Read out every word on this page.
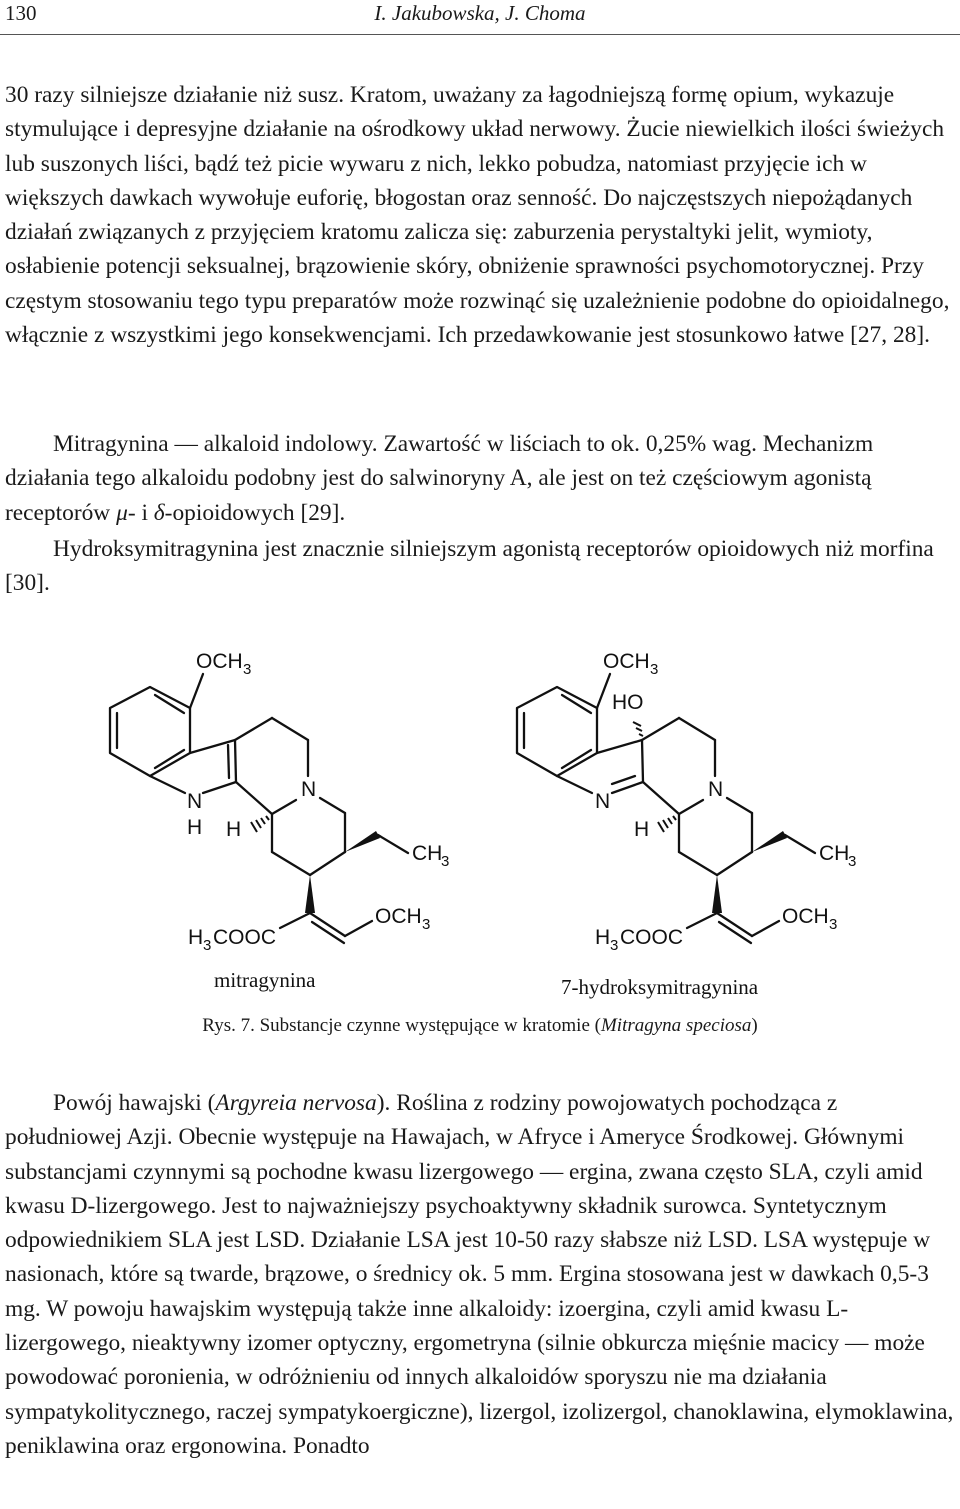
130	I. Jakubowska, J. Choma

30 razy silniejsze działanie niż susz. Kratom, uważany za łagodniejszą formę opium, wykazuje stymulujące i depresyjne działanie na ośrodkowy układ nerwowy. Żucie niewielkich ilości świeżych lub suszonych liści, bądź też picie wywaru z nich, lekko pobudza, natomiast przyjęcie ich w większych dawkach wywołuje euforię, błogostan oraz senność. Do najczęstszych niepożądanych działań związanych z przyjęciem kratomu zalicza się: zaburzenia perystaltyki jelit, wymioty, osłabienie potencji seksualnej, brązowienie skóry, obniżenie sprawności psychomotorycznej. Przy częstym stosowaniu tego typu preparatów może rozwinąć się uzależnienie podobne do opioidalnego, włącznie z wszystkimi jego konsekwencjami. Ich przedawkowanie jest stosunkowo łatwe [27, 28].

Mitragynina — alkaloid indolowy. Zawartość w liściach to ok. 0,25% wag. Mechanizm działania tego alkaloidu podobny jest do salwinoryny A, ale jest on też częściowym agonistą receptorów μ- i δ-opioidowych [29].

Hydroksymitragynina jest znacznie silniejszym agonistą receptorów opioidowych niż morfina [30].

OCH 3
N
H H
N
CH
3
H 3 COOC
OCH 3
mitragynina
OCH 3
HO
N
H
N
CH
3
H 3 COOC
OCH 3
7-hydroksymitragynina
Rys. 7. Substancje czynne występujące w kratomie (Mitragyna speciosa)

Powój hawajski (Argyreia nervosa). Roślina z rodziny powojowatych pochodząca z południowej Azji. Obecnie występuje na Hawajach, w Afryce i Ameryce Środkowej. Głównymi substancjami czynnymi są pochodne kwasu lizergowego — ergina, zwana często SLA, czyli amid kwasu D-lizergowego. Jest to najważniejszy psychoaktywny składnik surowca. Syntetycznym odpowiednikiem SLA jest LSD. Działanie LSA jest 10-50 razy słabsze niż LSD. LSA występuje w nasionach, które są twarde, brązowe, o średnicy ok. 5 mm. Ergina stosowana jest w dawkach 0,5-3 mg. W powoju hawajskim występują także inne alkaloidy: izoergina, czyli amid kwasu L-lizergowego, nieaktywny izomer optyczny, ergometryna (silnie obkurcza mięśnie macicy — może powodować poronienia, w odróżnieniu od innych alkaloidów sporyszu nie ma działania sympatykolitycznego, raczej sympatykoergiczne), lizergol, izolizergol, chanoklawina, elymoklawina, peniklawina oraz ergonowina. Ponadto
